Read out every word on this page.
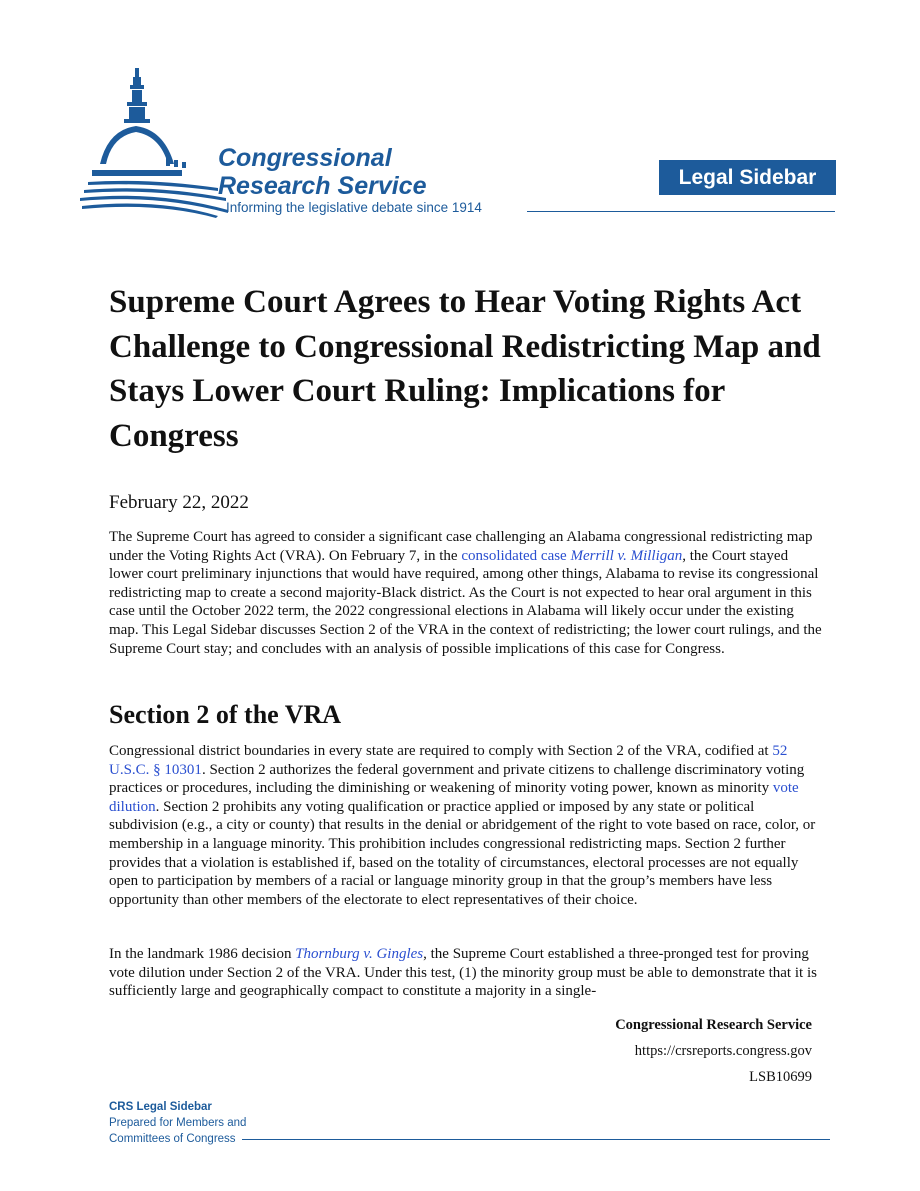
Congressional
Research Service
Informing the legislative debate since 1914
Legal Sidebar
Supreme Court Agrees to Hear Voting Rights Act Challenge to Congressional Redistricting Map and Stays Lower Court Ruling: Implications for Congress
February 22, 2022

The Supreme Court has agreed to consider a significant case challenging an Alabama congressional redistricting map under the Voting Rights Act (VRA). On February 7, in the consolidated case Merrill v. Milligan, the Court stayed lower court preliminary injunctions that would have required, among other things, Alabama to revise its congressional redistricting map to create a second majority-Black district. As the Court is not expected to hear oral argument in this case until the October 2022 term, the 2022 congressional elections in Alabama will likely occur under the existing map. This Legal Sidebar discusses Section 2 of the VRA in the context of redistricting; the lower court rulings, and the Supreme Court stay; and concludes with an analysis of possible implications of this case for Congress.

Section 2 of the VRA

Congressional district boundaries in every state are required to comply with Section 2 of the VRA, codified at 52 U.S.C. § 10301. Section 2 authorizes the federal government and private citizens to challenge discriminatory voting practices or procedures, including the diminishing or weakening of minority voting power, known as minority vote dilution. Section 2 prohibits any voting qualification or practice applied or imposed by any state or political subdivision (e.g., a city or county) that results in the denial or abridgement of the right to vote based on race, color, or membership in a language minority. This prohibition includes congressional redistricting maps. Section 2 further provides that a violation is established if, based on the totality of circumstances, electoral processes are not equally open to participation by members of a racial or language minority group in that the group’s members have less opportunity than other members of the electorate to elect representatives of their choice.

In the landmark 1986 decision Thornburg v. Gingles, the Supreme Court established a three-pronged test for proving vote dilution under Section 2 of the VRA. Under this test, (1) the minority group must be able to demonstrate that it is sufficiently large and geographically compact to constitute a majority in a single-

Congressional Research Service
https://crsreports.congress.gov
LSB10699
CRS Legal Sidebar
Prepared for Members and
Committees of Congress
